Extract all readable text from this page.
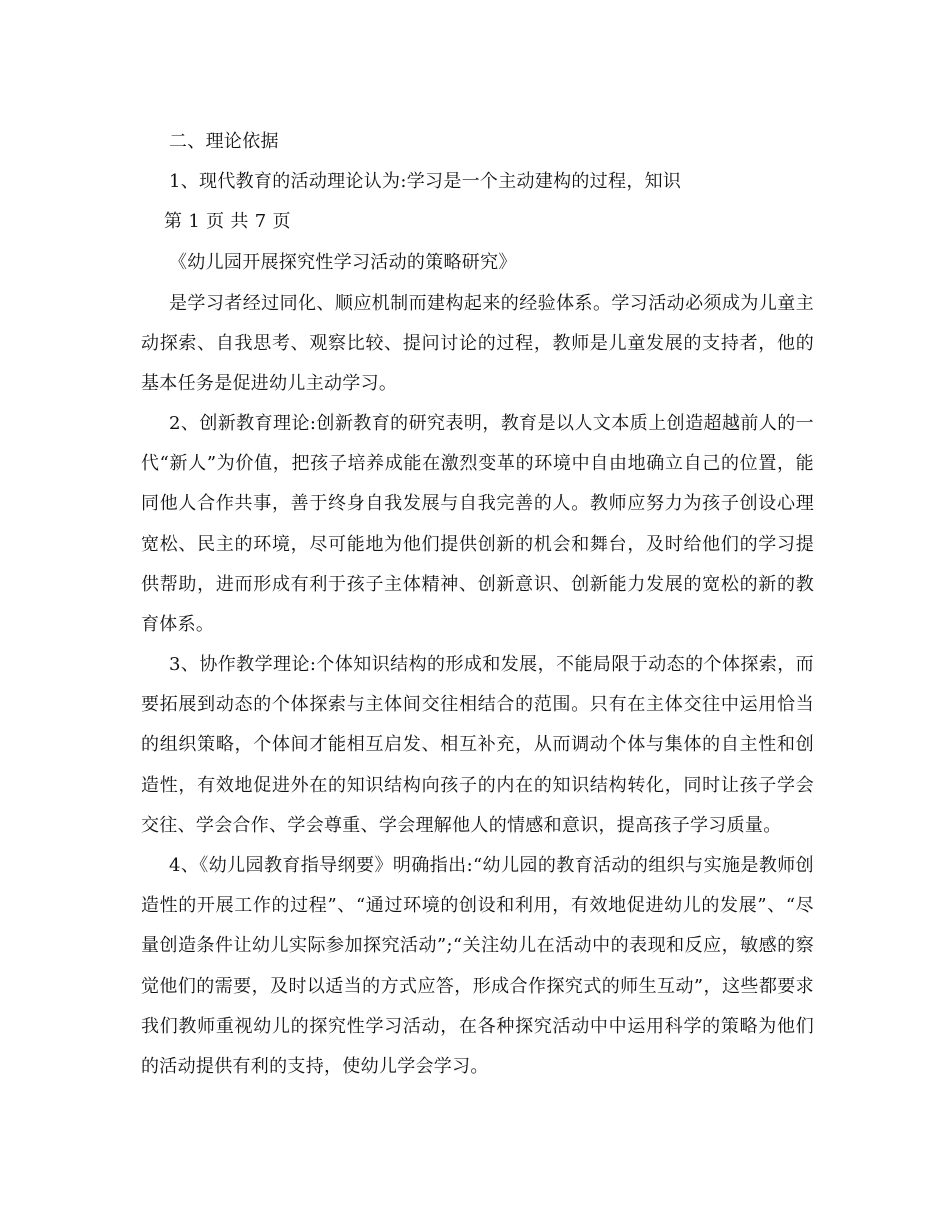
二、理论依据

1、现代教育的活动理论认为:学习是一个主动建构的过程，知识

第 1 页 共 7 页

《幼儿园开展探究性学习活动的策略研究》

是学习者经过同化、顺应机制而建构起来的经验体系。学习活动必须成为儿童主动探索、自我思考、观察比较、提问讨论的过程，教师是儿童发展的支持者，他的基本任务是促进幼儿主动学习。

2、创新教育理论:创新教育的研究表明，教育是以人文本质上创造超越前人的一代“新人”为价值，把孩子培养成能在激烈变革的环境中自由地确立自己的位置，能同他人合作共事，善于终身自我发展与自我完善的人。教师应努力为孩子创设心理宽松、民主的环境，尽可能地为他们提供创新的机会和舞台，及时给他们的学习提供帮助，进而形成有利于孩子主体精神、创新意识、创新能力发展的宽松的新的教育体系。

3、协作教学理论:个体知识结构的形成和发展，不能局限于动态的个体探索，而要拓展到动态的个体探索与主体间交往相结合的范围。只有在主体交往中运用恰当的组织策略，个体间才能相互启发、相互补充，从而调动个体与集体的自主性和创造性，有效地促进外在的知识结构向孩子的内在的知识结构转化，同时让孩子学会交往、学会合作、学会尊重、学会理解他人的情感和意识，提高孩子学习质量。

4、《幼儿园教育指导纲要》明确指出:“幼儿园的教育活动的组织与实施是教师创造性的开展工作的过程”、“通过环境的创设和利用，有效地促进幼儿的发展”、“尽量创造条件让幼儿实际参加探究活动”;“关注幼儿在活动中的表现和反应，敏感的察觉他们的需要，及时以适当的方式应答，形成合作探究式的师生互动”，这些都要求我们教师重视幼儿的探究性学习活动，在各种探究活动中中运用科学的策略为他们的活动提供有利的支持，使幼儿学会学习。
